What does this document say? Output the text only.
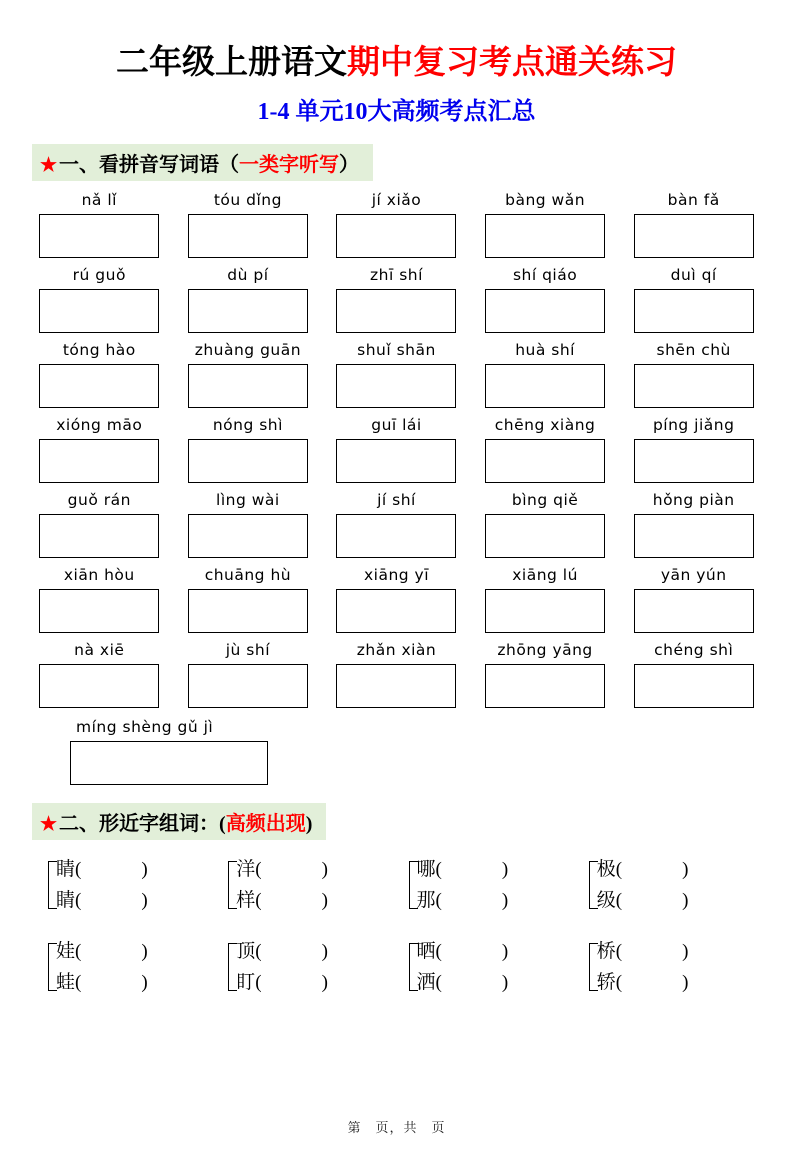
二年级上册语文期中复习考点通关练习
1-4 单元10大高频考点汇总
★ 一、看拼音写词语（一类字听写）
nǎ lǐ	tóu dǐng	jí xiǎo	bàng wǎn	bàn fǎ
rú guǒ	dù pí	zhī shí	shí qiáo	duì qí
tóng hào	zhuàng guān	shuǐ shān	huà shí	shēn chù
xióng māo	nóng shì	guī lái	chēng xiàng	píng jiǎng
guǒ rán	lìng wài	jí shí	bìng qiě	hǒng piàn
xiān hòu	chuāng hù	xiāng yī	xiāng lú	yān yún
nà xiē	jù shí	zhǎn xiàn	zhōng yāng	chéng shì
míng shèng gǔ jì
★ 二、形近字组词：(高频出现)
睛(	)
睛(	)
洋(	)
样(	)
哪(	)
那(	)
极(	)
级(	)
娃(	)
蛙(	)
顶(	)
盯(	)
晒(	)
洒(	)
桥(	)
轿(	)
第　页，共　页
